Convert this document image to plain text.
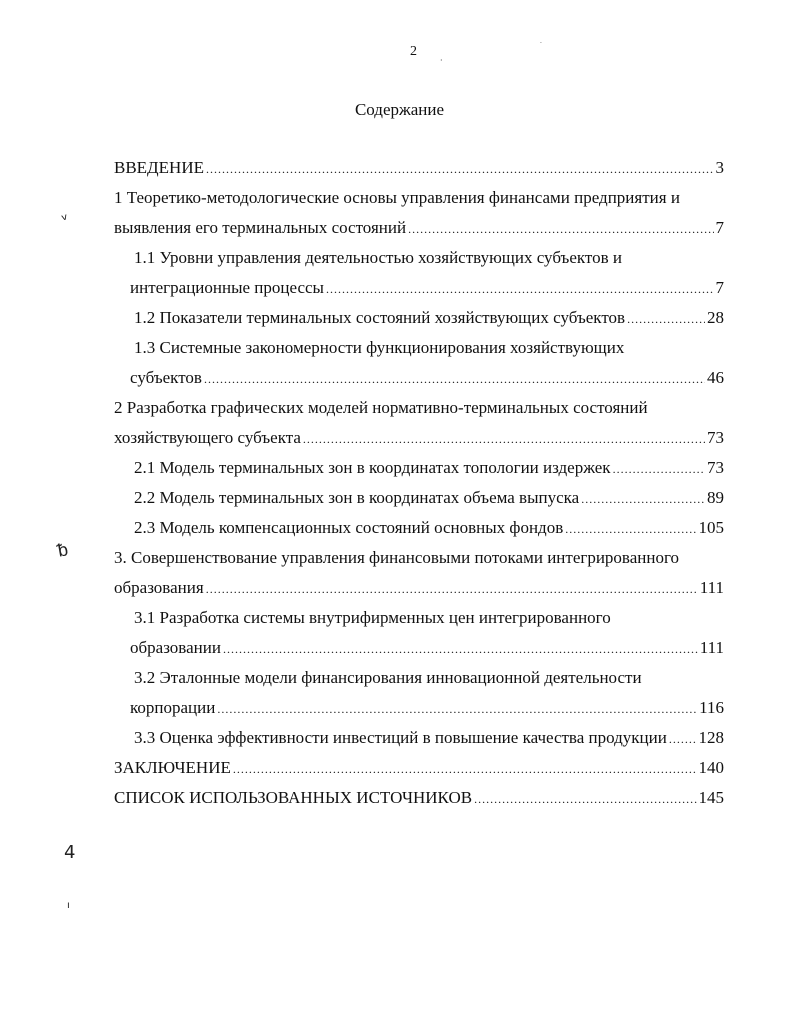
2
Содержание
ВВЕДЕНИЕ .....	3
1 Теоретико-методологические основы управления финансами предприятия и
выявления его терминальных состояний .....	7
1.1 Уровни управления деятельностью хозяйствующих субъектов и
интеграционные процессы .....	7
1.2 Показатели терминальных состояний хозяйствующих субъектов .....	28
1.3 Системные закономерности функционирования хозяйствующих
субъектов .....	46
2 Разработка графических моделей нормативно-терминальных состояний
хозяйствующего субъекта .....	73
2.1 Модель терминальных зон в координатах топологии издержек .....	73
2.2 Модель терминальных зон в координатах объема выпуска .....	89
2.3 Модель компенсационных состояний основных фондов .....	105
3. Совершенствование управления финансовыми потоками интегрированного
образования .....	111
3.1 Разработка системы внутрифирменных цен интегрированного
образовании .....	111
3.2 Эталонные модели финансирования инновационной деятельности
корпорации .....	116
3.3 Оценка эффективности инвестиций в повышение качества продукции ..... 128
ЗАКЛЮЧЕНИЕ .....	140
СПИСОК ИСПОЛЬЗОВАННЫХ ИСТОЧНИКОВ .....	145
ᵛ
ᵬ
4
ı
·
·
